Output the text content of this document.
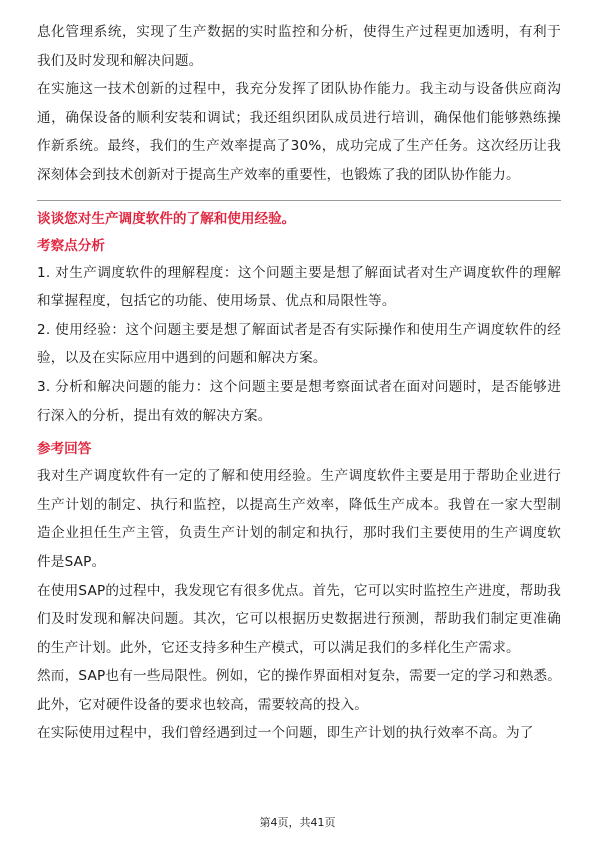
息化管理系统，实现了生产数据的实时监控和分析，使得生产过程更加透明，有利于我们及时发现和解决问题。

在实施这一技术创新的过程中，我充分发挥了团队协作能力。我主动与设备供应商沟通，确保设备的顺利安装和调试；我还组织团队成员进行培训，确保他们能够熟练操作新系统。最终，我们的生产效率提高了30%，成功完成了生产任务。这次经历让我深刻体会到技术创新对于提高生产效率的重要性，也锻炼了我的团队协作能力。

谈谈您对生产调度软件的了解和使用经验。

考察点分析

1. 对生产调度软件的理解程度：这个问题主要是想了解面试者对生产调度软件的理解和掌握程度，包括它的功能、使用场景、优点和局限性等。

2. 使用经验：这个问题主要是想了解面试者是否有实际操作和使用生产调度软件的经验，以及在实际应用中遇到的问题和解决方案。

3. 分析和解决问题的能力：这个问题主要是想考察面试者在面对问题时，是否能够进行深入的分析，提出有效的解决方案。

参考回答

我对生产调度软件有一定的了解和使用经验。生产调度软件主要是用于帮助企业进行生产计划的制定、执行和监控，以提高生产效率，降低生产成本。我曾在一家大型制造企业担任生产主管，负责生产计划的制定和执行，那时我们主要使用的生产调度软件是SAP。

在使用SAP的过程中，我发现它有很多优点。首先，它可以实时监控生产进度，帮助我们及时发现和解决问题。其次，它可以根据历史数据进行预测，帮助我们制定更准确的生产计划。此外，它还支持多种生产模式，可以满足我们的多样化生产需求。

然而，SAP也有一些局限性。例如，它的操作界面相对复杂，需要一定的学习和熟悉。此外，它对硬件设备的要求也较高，需要较高的投入。

在实际使用过程中，我们曾经遇到过一个问题，即生产计划的执行效率不高。为了

第4页，共41页
